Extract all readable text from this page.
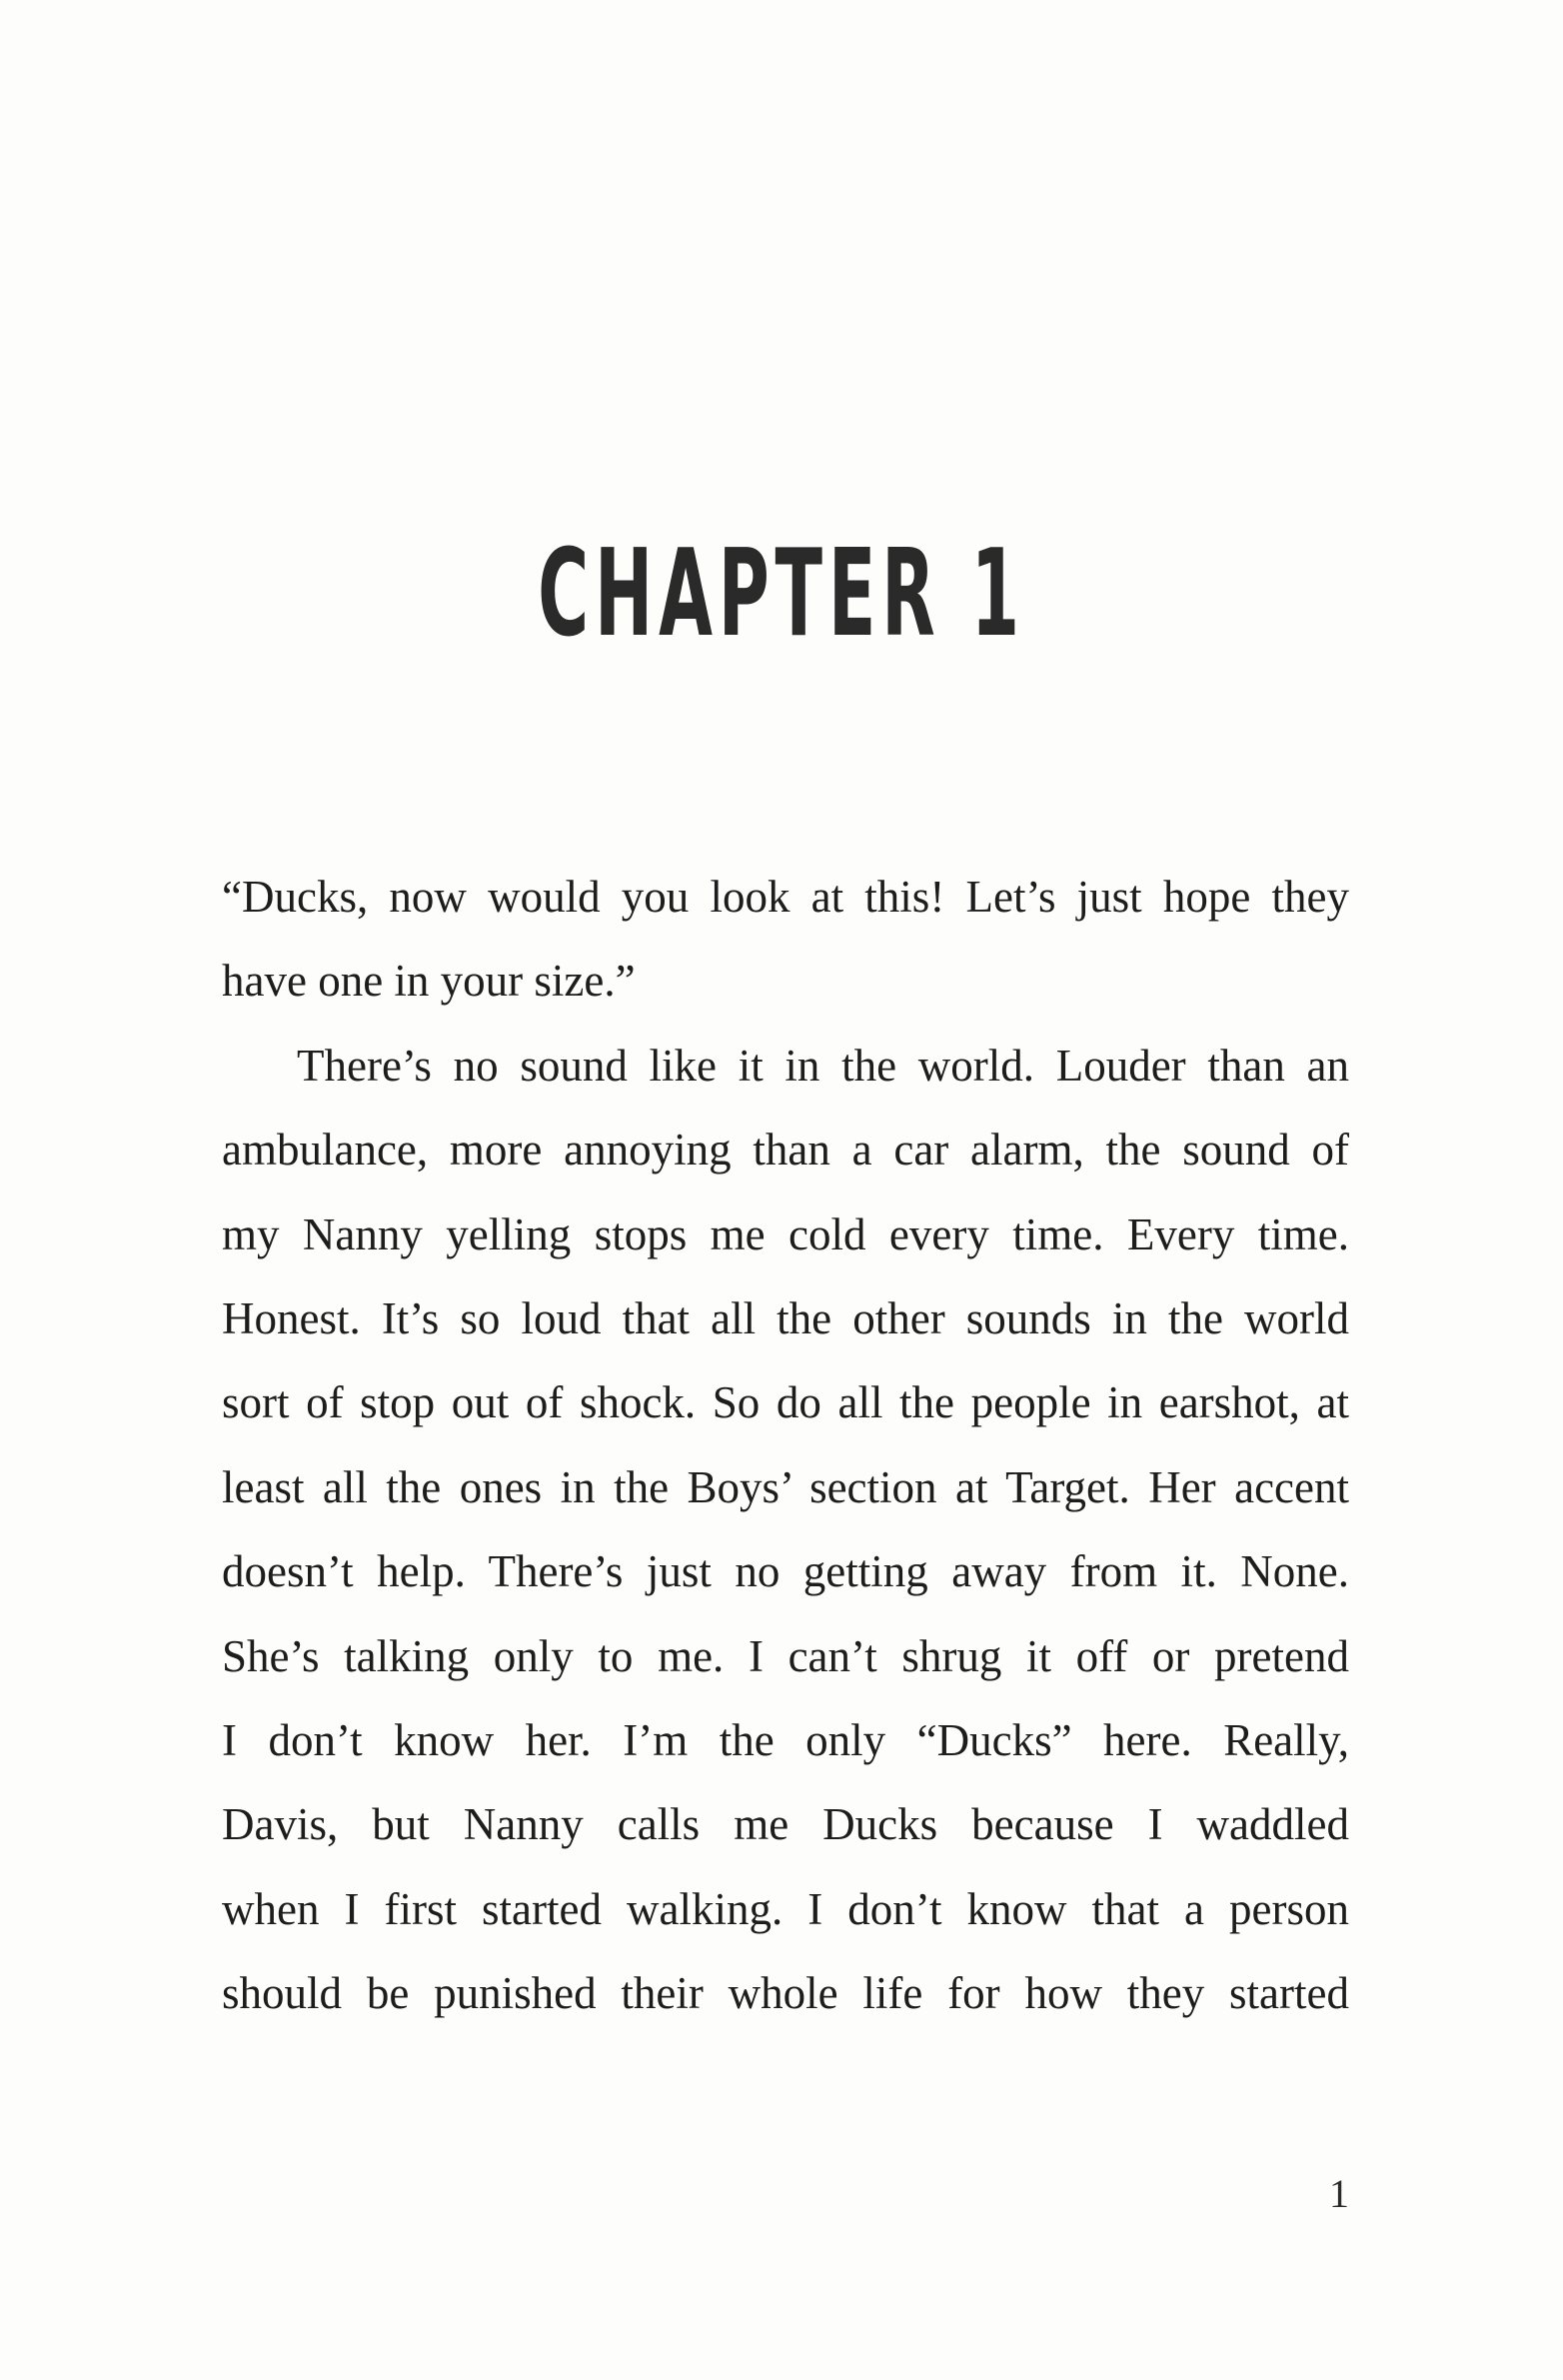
CHAPTER 1
“Ducks, now would you look at this! Let’s just hope they
have one in your size.”
There’s no sound like it in the world. Louder than an
ambulance, more annoying than a car alarm, the sound of
my Nanny yelling stops me cold every time. Every time.
Honest. It’s so loud that all the other sounds in the world
sort of stop out of shock. So do all the people in earshot, at
least all the ones in the Boys’ section at Target. Her accent
doesn’t help. There’s just no getting away from it. None.
She’s talking only to me. I can’t shrug it off or pretend
I don’t know her. I’m the only “Ducks” here. Really,
Davis, but Nanny calls me Ducks because I waddled
when I first started walking. I don’t know that a person
should be punished their whole life for how they started
1
